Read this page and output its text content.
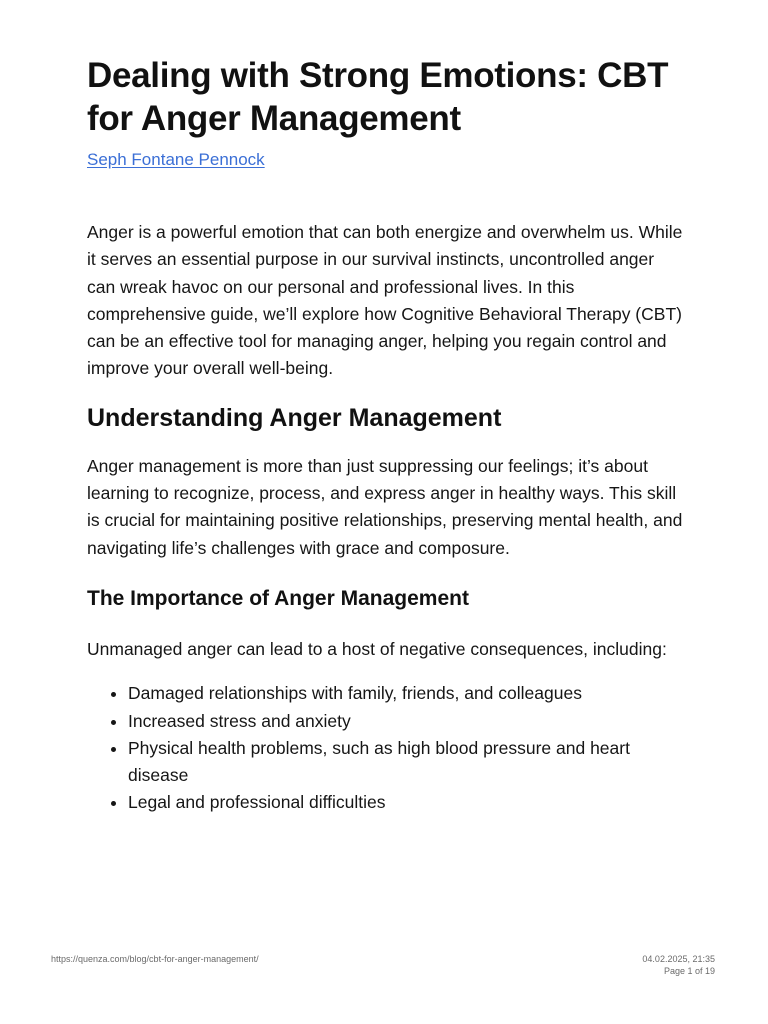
Dealing with Strong Emotions: CBT for Anger Management
Seph Fontane Pennock

Anger is a powerful emotion that can both energize and overwhelm us. While it serves an essential purpose in our survival instincts, uncontrolled anger can wreak havoc on our personal and professional lives. In this comprehensive guide, we’ll explore how Cognitive Behavioral Therapy (CBT) can be an effective tool for managing anger, helping you regain control and improve your overall well-being.

Understanding Anger Management

Anger management is more than just suppressing our feelings; it’s about learning to recognize, process, and express anger in healthy ways. This skill is crucial for maintaining positive relationships, preserving mental health, and navigating life’s challenges with grace and composure.

The Importance of Anger Management

Unmanaged anger can lead to a host of negative consequences, including:

• Damaged relationships with family, friends, and colleagues
• Increased stress and anxiety
• Physical health problems, such as high blood pressure and heart disease
• Legal and professional difficulties
https://quenza.com/blog/cbt-for-anger-management/	04.02.2025, 21:35
Page 1 of 19
